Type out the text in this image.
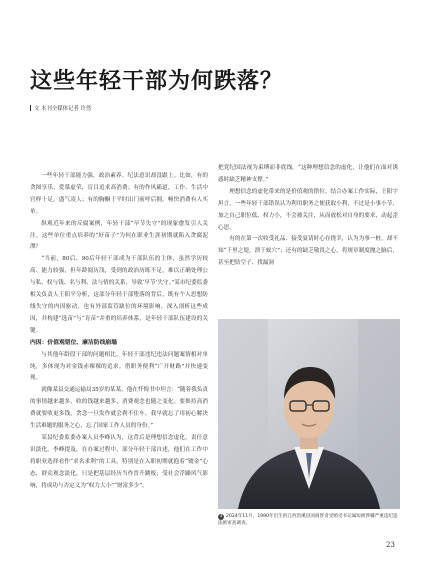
这些年轻干部为何跌落？
文 本刊全媒体记者 许然

一些年轻干部能力强，政治素养、纪法意识却没跟上。比如，有的贪图享乐、爱慕虚荣，盲目追求高消费；有的作风霸道，工作、生活中官样十足，盛气凌人；有的胸酮于平时出门前呼后拥，畅快消费有人买单。

纵观近年来的反腐案例，年轻干部“早节失守”的现象愈发引人关注。这些单位重点培养的“好苗子”为何在职业生涯初期就陷入贪腐泥潭？

“当前，80后、90后年轻干部成为干部队伍的主体，虽然学历较高、能力较强，但年龄阅历浅，受到的政治历练不足，难以正确处理公与私、权与钱、名与利、法与情的关系，导致‘早节’失守。”某市纪委监委相关负责人王阳平分析，这部分年轻干部堕落的背后，既有个人思想防线失守的内因驱动，也有外部监管缺位的环境影响。深入剖析这些成因，并构建“选苗”与“育苗”并重的培养体系，是年轻干部队伍建设的关键。

内因：价值观错位、廉洁防线崩塌

与其他年龄段干部的问题相比，年轻干部违纪违法问题案情相对单纯，多体现为对金钱赤裸裸的追求。借职务便利“广开财路”并快速变现。

就像某县交通运输局35岁的某某，他在忏悔书中坦言：“随着我负责的事情越来越多，收的钱越来越多，消费观念也随之变化。要推持高消费就要收更多钱，贪念一旦发作就会刹不住车。我早就忘了用初心解决生活难题的服务之心，忘了国家工作人员的身份。”

某县纪委监委办案人员李峰认为，这背后是理想信念虚化，责任意识淡化。李峰提及，在办案过程中，部分年轻干部自述，他们在工作中将职业选择看作“求名求利”的工具。特别是在入职初期就抱着“镀金”心态，群众观念淡化，只是把基层经历当作晋升跳板；受社会浮躁风气影响，将成功与否定义为“权力大小”“财富多少”。

把党纪国法视为束缚而非底线。“这种理想信念的虚化，让他们在面对诱惑时缺乏精神支撑。”

理想信念的虚化带来的是价值观的错位。结合办案工作实际，王阳宇坦言，一些年轻干部错误认为利用职务之便获取小利，不过是小事小节，加之自己职位低、权力小，不会被关注，从而放松对自身的要求，动起歪心思。

有的在第一次收受礼品、接受宴请时心存侥幸，认为为事一桩，却不知“千里之堤，溃于蚁穴”；还有的缺乏敬畏之心，将规章制度抛之脑后，甚至把钻空子、找漏洞

3 2024年11月，1990年出生的江西贵溪县国商涉贪受贿受书记属短被涉嫌严重违纪违法被审查调查。
23
